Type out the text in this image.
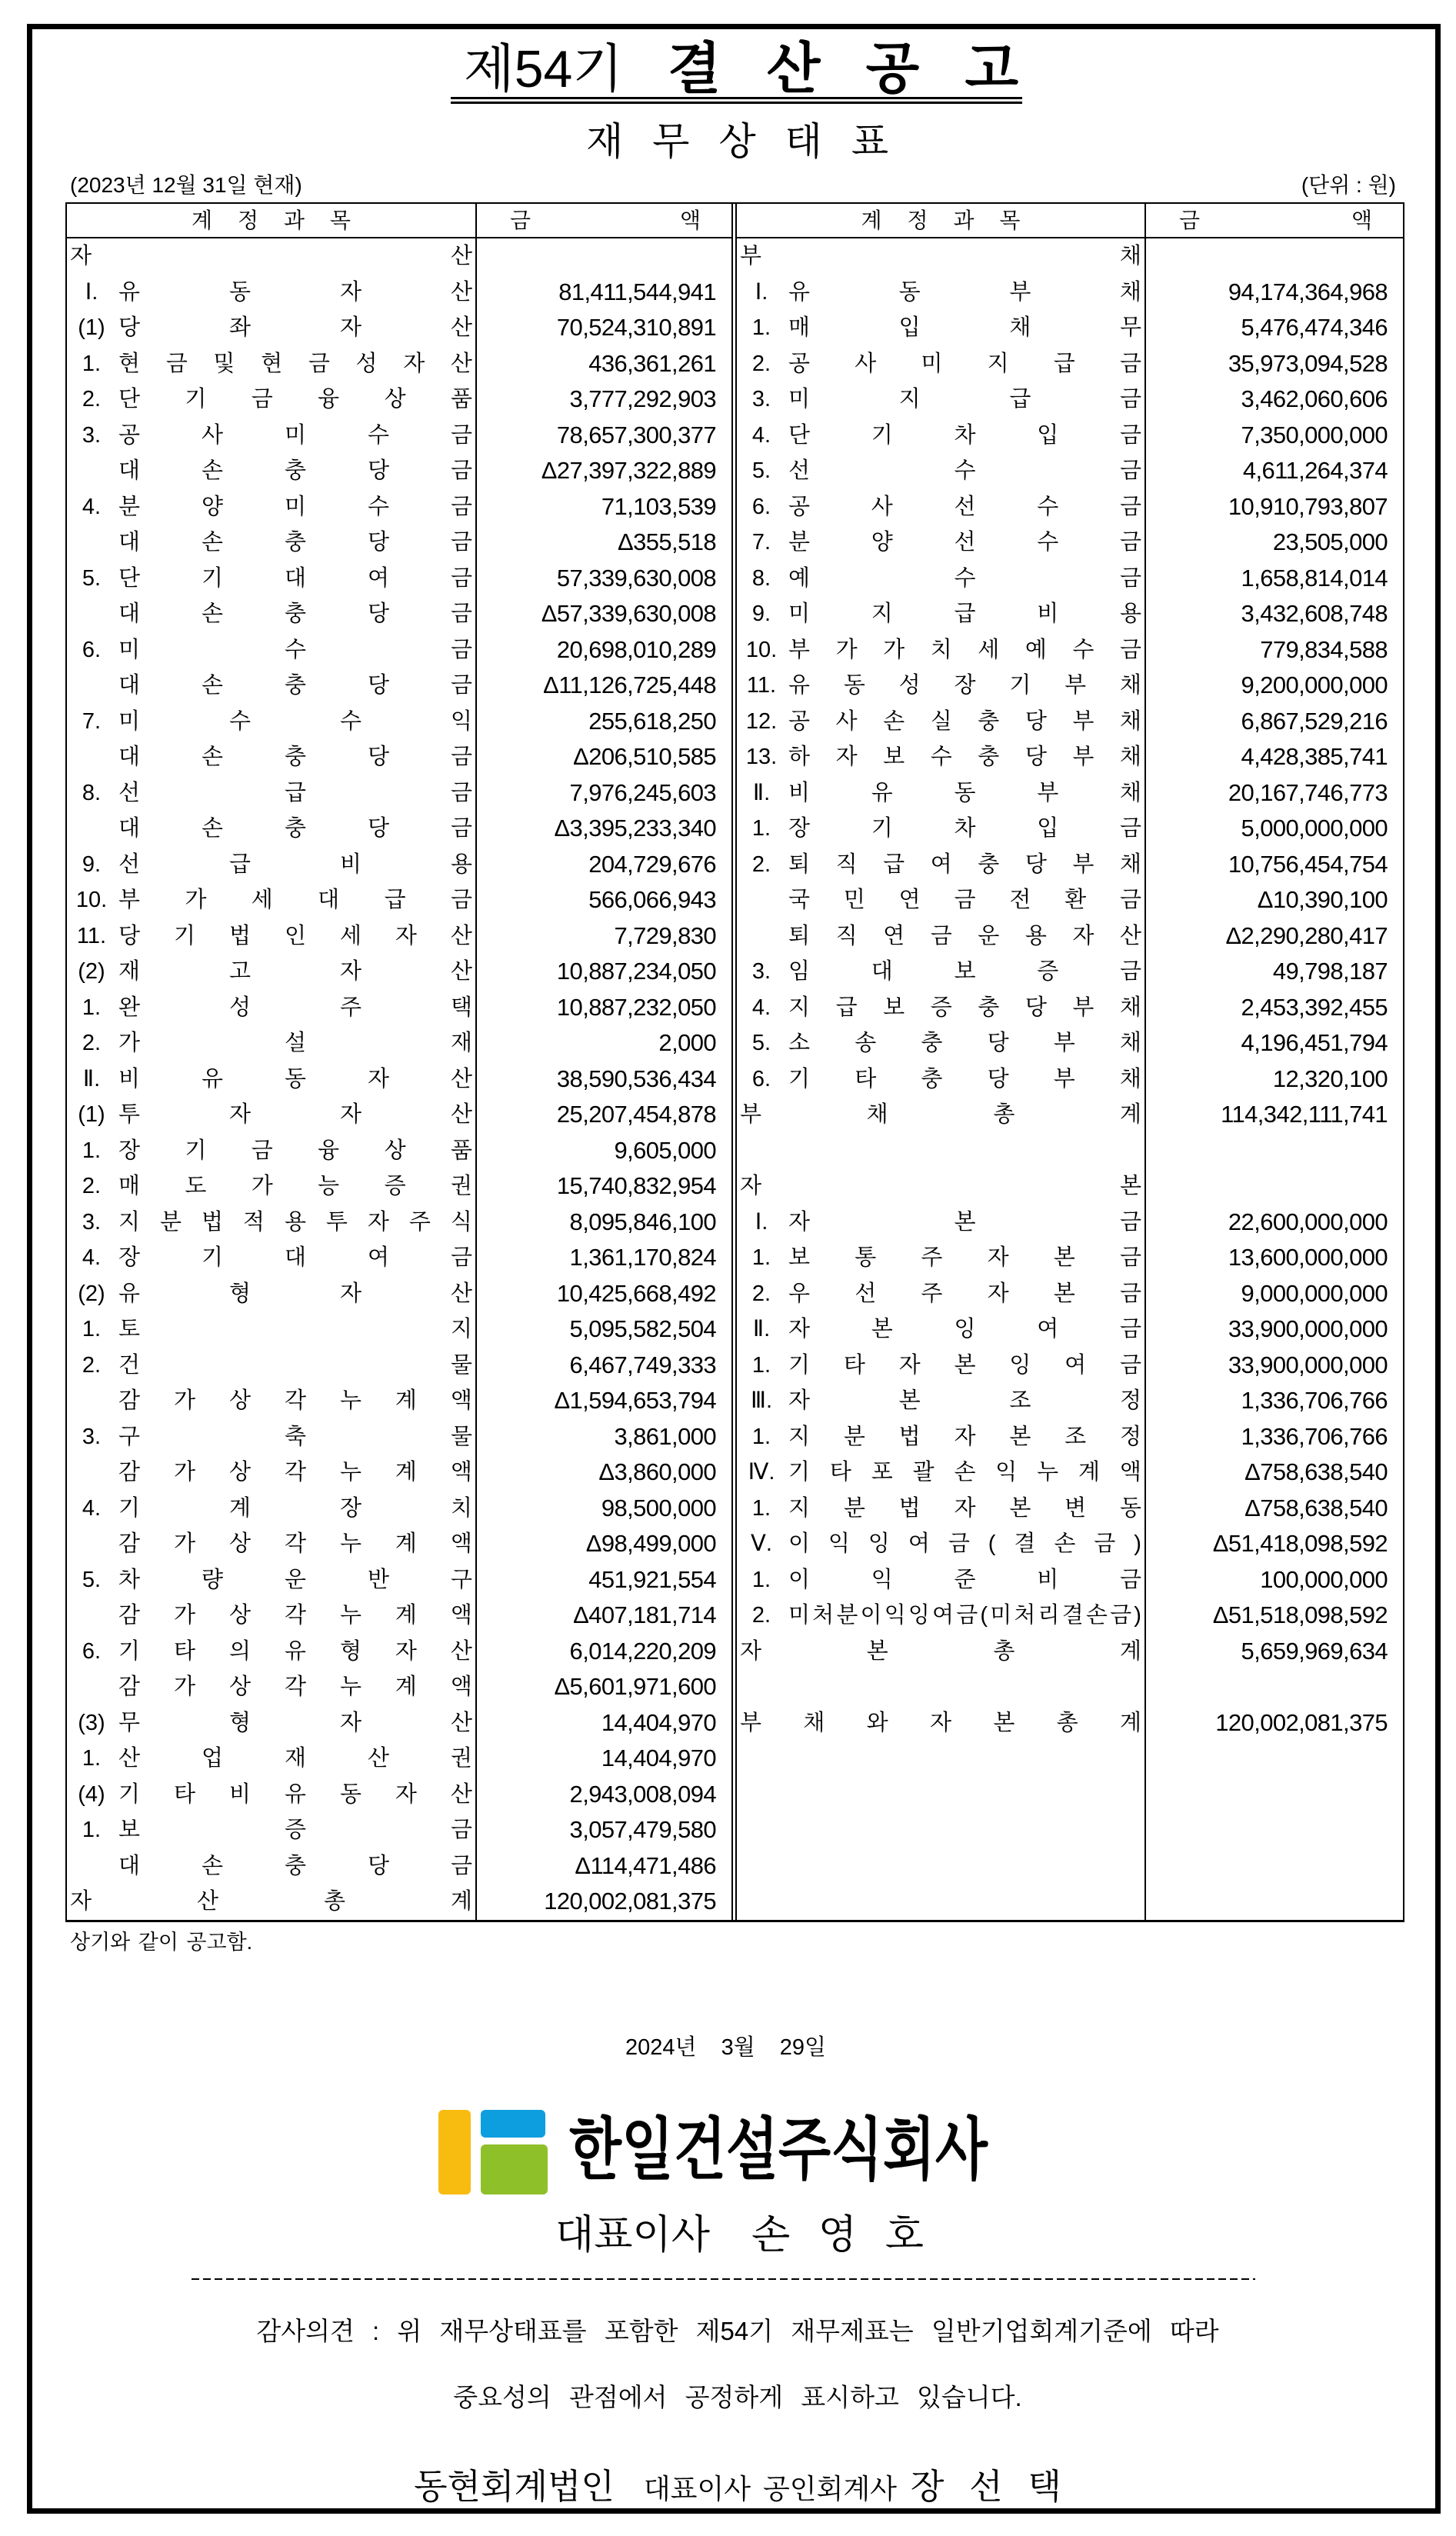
제54기 결 산 공 고
재 무 상 태 표
(2023년 12월 31일 현재)	(단위 : 원)
계 정 과 목	금	액
자	산
Ⅰ. 유	동	자	산	81,411,544,941
(1) 당	좌	자	산	70,524,310,891
1. 현 금 및 현 금 성 자 산	436,361,261
2. 단 기 금 융 상 품	3,777,292,903
3. 공	사	미	수	금	78,657,300,377
대	손	충	당	금	Δ27,397,322,889
4. 분	양	미	수	금	71,103,539
대	손	충	당	금	Δ355,518
5. 단	기	대	여	금	57,339,630,008
대	손	충	당	금	Δ57,339,630,008
6. 미	수	금	20,698,010,289
대	손	충	당	금	Δ11,126,725,448
7. 미	수	수	익	255,618,250
대	손	충	당	금	Δ206,510,585
8. 선	급	금	7,976,245,603
대	손	충	당	금	Δ3,395,233,340
9. 선	급	비	용	204,729,676
10. 부 가 세 대 급 금	566,066,943
11. 당 기 법 인 세 자 산	7,729,830
(2) 재	고	자	산	10,887,234,050
1. 완	성	주	택	10,887,232,050
2. 가	설	재	2,000
Ⅱ. 비	유	동	자	산	38,590,536,434
(1) 투	자	자	산	25,207,454,878
1. 장 기 금 융 상 품	9,605,000
2. 매 도 가 능 증 권	15,740,832,954
3. 지 분 법 적 용 투 자 주 식	8,095,846,100
4. 장	기	대	여	금	1,361,170,824
(2) 유	형	자	산	10,425,668,492
1. 토	지	5,095,582,504
2. 건	물	6,467,749,333
감 가 상 각 누 계 액	Δ1,594,653,794
3. 구	축	물	3,861,000
감 가 상 각 누 계 액	Δ3,860,000
4. 기	계	장	치	98,500,000
감 가 상 각 누 계 액	Δ98,499,000
5. 차	량	운	반	구	451,921,554
감 가 상 각 누 계 액	Δ407,181,714
6. 기 타 의 유 형 자 산	6,014,220,209
감 가 상 각 누 계 액	Δ5,601,971,600
(3) 무	형	자	산	14,404,970
1. 산	업	재	산	권	14,404,970
(4) 기 타 비 유 동 자 산	2,943,008,094
1. 보	증	금	3,057,479,580
대	손	충	당	금	Δ114,471,486
자	산	총	계	120,002,081,375
계 정 과 목	금	액
부	채
Ⅰ. 유	동	부	채	94,174,364,968
1. 매	입	채	무	5,476,474,346
2. 공 사 미 지 급 금	35,973,094,528
3. 미	지	급	금	3,462,060,606
4. 단	기	차	입	금	7,350,000,000
5. 선	수	금	4,611,264,374
6. 공	사	선	수	금	10,910,793,807
7. 분	양	선	수	금	23,505,000
8. 예	수	금	1,658,814,014
9. 미	지	급	비	용	3,432,608,748
10. 부 가 가 치 세 예 수 금	779,834,588
11. 유 동 성 장 기 부 채	9,200,000,000
12. 공 사 손 실 충 당 부 채	6,867,529,216
13. 하 자 보 수 충 당 부 채	4,428,385,741
Ⅱ. 비	유	동	부	채	20,167,746,773
1. 장	기	차	입	금	5,000,000,000
2. 퇴 직 급 여 충 당 부 채	10,756,454,754
국 민 연 금 전 환 금	Δ10,390,100
퇴 직 연 금 운 용 자 산	Δ2,290,280,417
3. 임	대	보	증	금	49,798,187
4. 지 급 보 증 충 당 부 채	2,453,392,455
5. 소 송 충 당 부 채	4,196,451,794
6. 기 타 충 당 부 채	12,320,100
부	채	총	계	114,342,111,741
자	본
Ⅰ. 자	본	금	22,600,000,000
1. 보 통 주 자 본 금	13,600,000,000
2. 우 선 주 자 본 금	9,000,000,000
Ⅱ. 자	본	잉	여	금	33,900,000,000
1. 기 타 자 본 잉 여 금	33,900,000,000
Ⅲ. 자	본	조	정	1,336,706,766
1. 지 분 법 자 본 조 정	1,336,706,766
Ⅳ. 기 타 포 괄 손 익 누 계 액	Δ758,638,540
1. 지 분 법 자 본 변 동	Δ758,638,540
Ⅴ. 이 익 잉 여 금 ( 결 손 금 )	Δ51,418,098,592
1. 이	익	준	비	금	100,000,000
2. 미 처 분 이 익 잉 여 금 ( 미 처 리 결 손 금 )	Δ51,518,098,592
자	본	총	계	5,659,969,634
부 채 와 자 본 총 계	120,002,081,375
상기와 같이 공고함.
2024년 3월 29일
한일건설주식회사
대표이사 손 영 호
감사의견 : 위 재무상태표를 포함한 제54기 재무제표는 일반기업회계기준에 따라
중요성의 관점에서 공정하게 표시하고 있습니다.
동현회계법인 대표이사 공인회계사 장 선 택
